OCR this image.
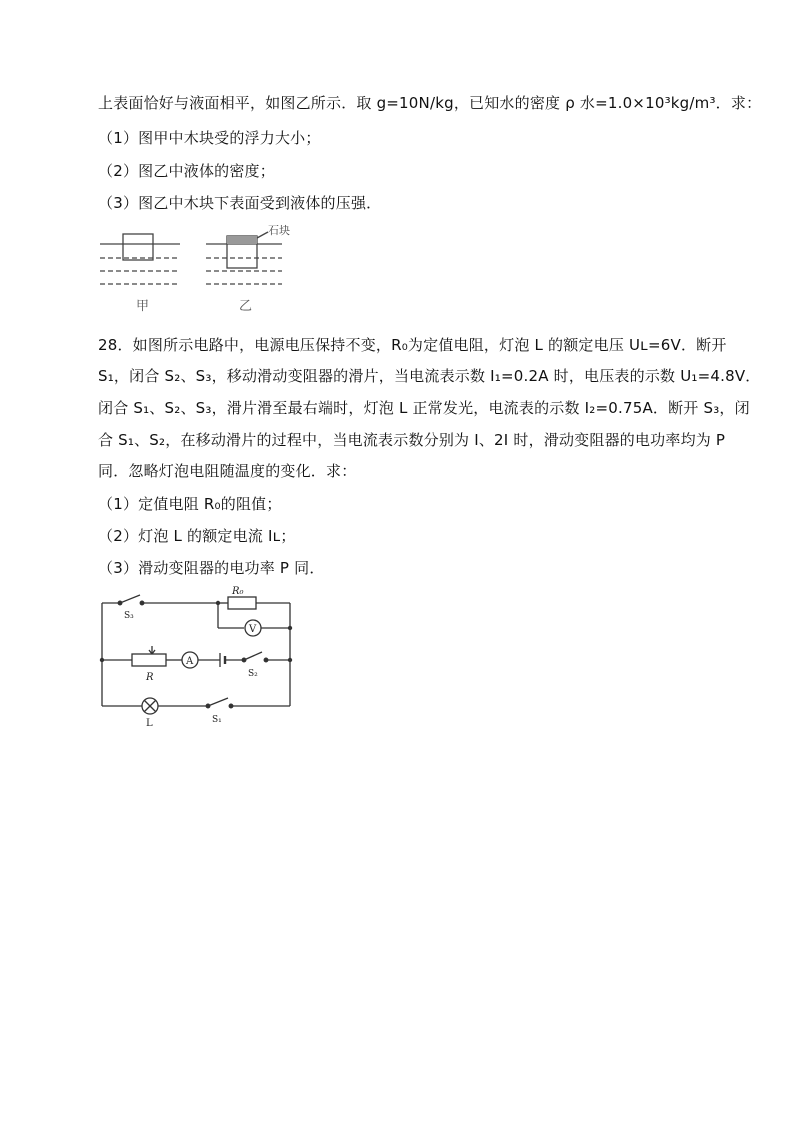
上表面恰好与液面相平，如图乙所示．取 g=10N/kg，已知水的密度 ρ 水=1.0×10³kg/m³．求：
（1）图甲中木块受的浮力大小；
（2）图乙中液体的密度；
（3）图乙中木块下表面受到液体的压强．
甲	乙
石块
28．如图所示电路中，电源电压保持不变，R₀为定值电阻，灯泡 L 的额定电压 Uʟ=6V．断开
S₁，闭合 S₂、S₃，移动滑动变阻器的滑片，当电流表示数 I₁=0.2A 时，电压表的示数 U₁=4.8V．
闭合 S₁、S₂、S₃，滑片滑至最右端时，灯泡 L 正常发光，电流表的示数 I₂=0.75A．断开 S₃，闭
合 S₁、S₂，在移动滑片的过程中，当电流表示数分别为 I、2I 时，滑动变阻器的电功率均为 P
同．忽略灯泡电阻随温度的变化．求：
（1）定值电阻 R₀的阻值；
（2）灯泡 L 的额定电流 Iʟ；
（3）滑动变阻器的电功率 P 同．
R₀
V
A
R
L
S₃
S₂
S₁
